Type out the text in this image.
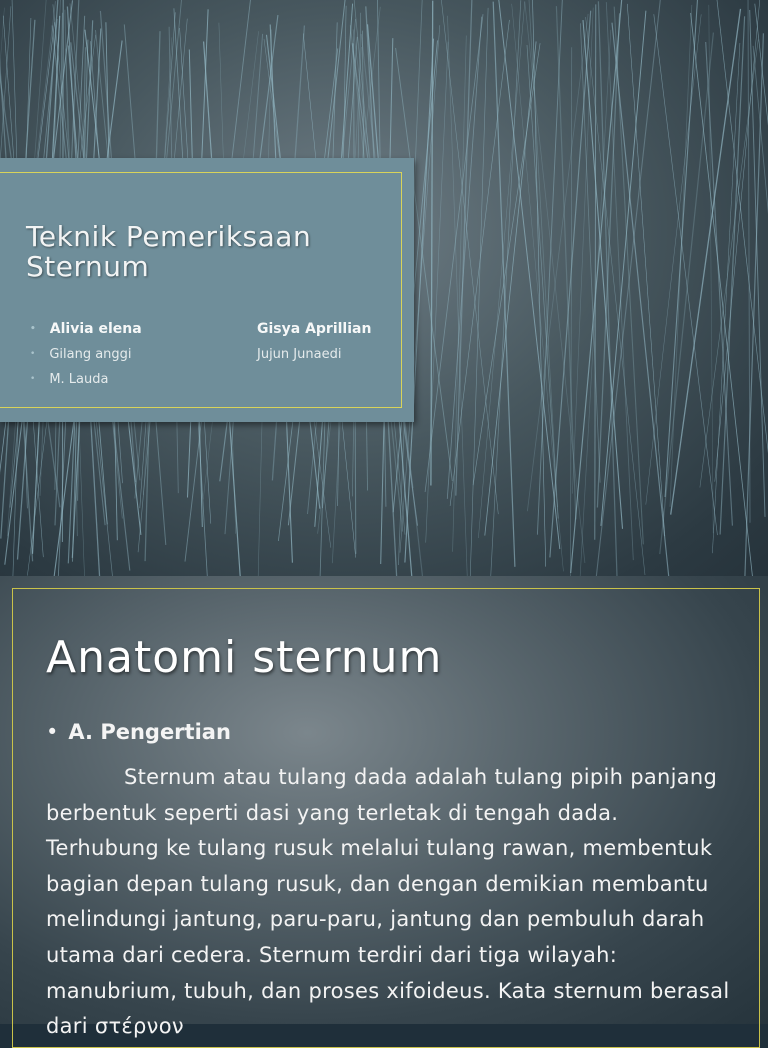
Teknik Pemeriksaan Sternum
• Alivia elena	Gisya Aprillian
• Gilang anggi	Jujun Junaedi
• M. Lauda
Anatomi sternum
• A. Pengertian
Sternum atau tulang dada adalah tulang pipih panjang berbentuk seperti dasi yang terletak di tengah dada. Terhubung ke tulang rusuk melalui tulang rawan, membentuk bagian depan tulang rusuk, dan dengan demikian membantu melindungi jantung, paru-paru, jantung dan pembuluh darah utama dari cedera. Sternum terdiri dari tiga wilayah: manubrium, tubuh, dan proses xifoideus. Kata sternum berasal dari στέρνον
